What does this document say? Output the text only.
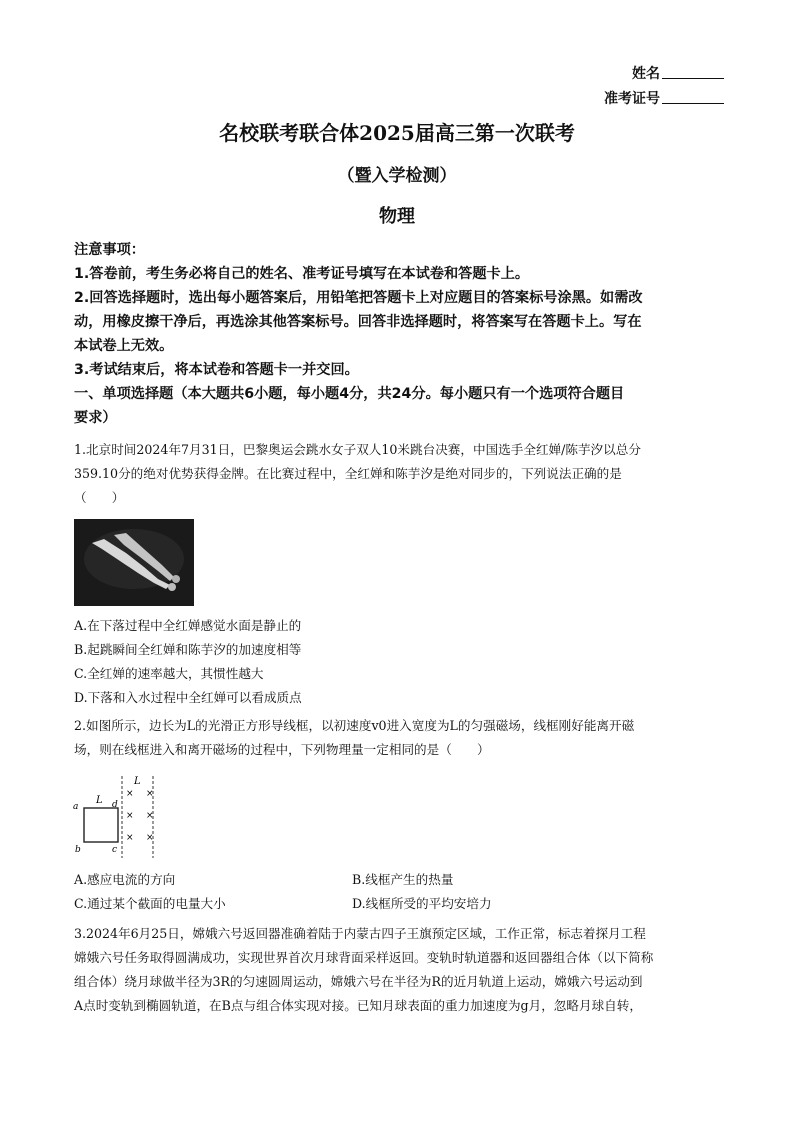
姓名
准考证号
名校联考联合体2025届高三第一次联考
（暨入学检测）
物理

注意事项：

1.答卷前，考生务必将自己的姓名、准考证号填写在本试卷和答题卡上。

2.回答选择题时，选出每小题答案后，用铅笔把答题卡上对应题目的答案标号涂黑。如需改

动，用橡皮擦干净后，再选涂其他答案标号。回答非选择题时，将答案写在答题卡上。写在

本试卷上无效。

3.考试结束后，将本试卷和答题卡一并交回。

一、单项选择题（本大题共6小题，每小题4分，共24分。每小题只有一个选项符合题目

要求）

1.北京时间2024年7月31日，巴黎奥运会跳水女子双人10米跳台决赛，中国选手全红婵/陈芋汐以总分

359.10分的绝对优势获得金牌。在比赛过程中，全红婵和陈芋汐是绝对同步的，下列说法正确的是

（　　）

A.在下落过程中全红婵感觉水面是静止的
B.起跳瞬间全红婵和陈芋汐的加速度相等
C.全红婵的速率越大，其惯性越大
D.下落和入水过程中全红婵可以看成质点

2.如图所示，边长为L的光滑正方形导线框，以初速度v0进入宽度为L的匀强磁场，线框刚好能离开磁

场，则在线框进入和离开磁场的过程中，下列物理量一定相同的是（　　）

L
L
a	d
b	c
× ×
× ×
× ×
A.感应电流的方向	B.线框产生的热量
C.通过某个截面的电量大小	D.线框所受的平均安培力

3.2024年6月25日，嫦娥六号返回器准确着陆于内蒙古四子王旗预定区域，工作正常，标志着探月工程

嫦娥六号任务取得圆满成功，实现世界首次月球背面采样返回。变轨时轨道器和返回器组合体（以下简称

组合体）绕月球做半径为3R的匀速圆周运动，嫦娥六号在半径为R的近月轨道上运动，嫦娥六号运动到

A点时变轨到椭圆轨道，在B点与组合体实现对接。已知月球表面的重力加速度为g月，忽略月球自转，
